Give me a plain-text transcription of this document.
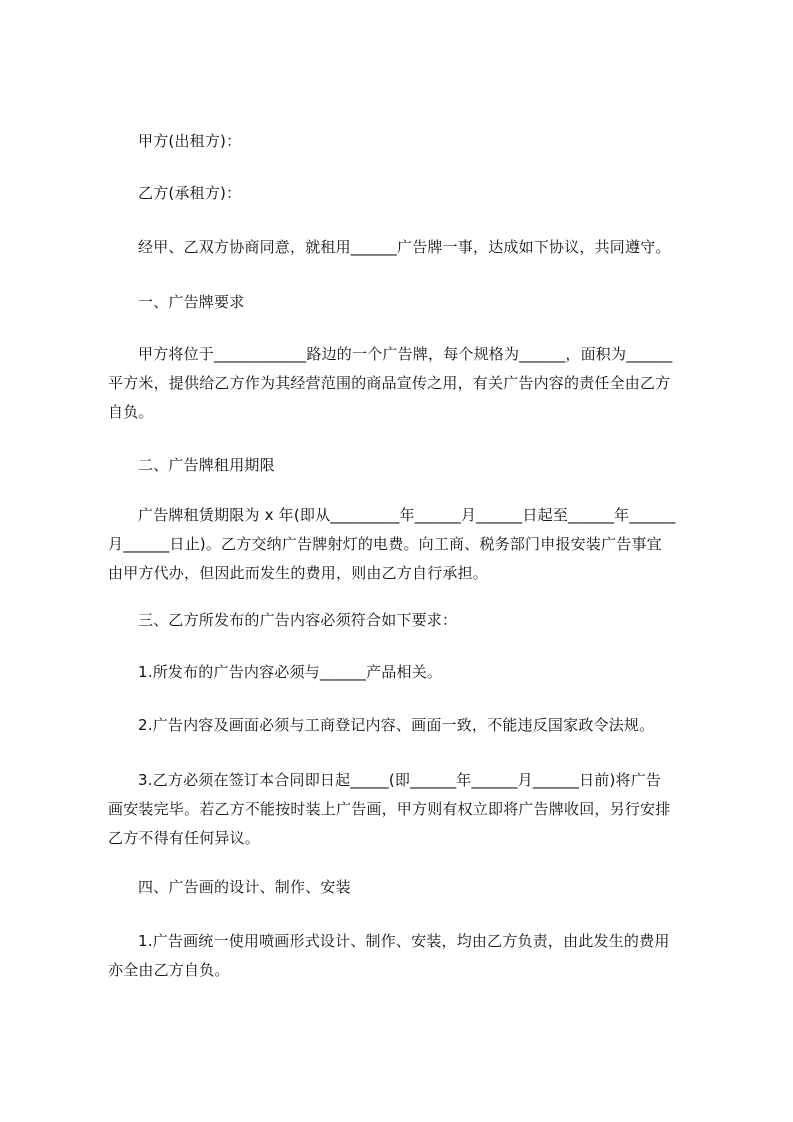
甲方(出租方)：

乙方(承租方)：

经甲、乙双方协商同意，就租用______广告牌一事，达成如下协议，共同遵守。

一、广告牌要求

甲方将位于____________路边的一个广告牌，每个规格为______，面积为______
平方米，提供给乙方作为其经营范围的商品宣传之用，有关广告内容的责任全由乙方
自负。

二、广告牌租用期限

广告牌租赁期限为 x 年(即从_________年______月______日起至______年______
月______日止)。乙方交纳广告牌射灯的电费。向工商、税务部门申报安装广告事宜
由甲方代办，但因此而发生的费用，则由乙方自行承担。

三、乙方所发布的广告内容必须符合如下要求：

1.所发布的广告内容必须与______产品相关。

2.广告内容及画面必须与工商登记内容、画面一致，不能违反国家政令法规。

3.乙方必须在签订本合同即日起_____(即______年______月______日前)将广告
画安装完毕。若乙方不能按时装上广告画，甲方则有权立即将广告牌收回，另行安排
乙方不得有任何异议。

四、广告画的设计、制作、安装

1.广告画统一使用喷画形式设计、制作、安装，均由乙方负责，由此发生的费用
亦全由乙方自负。
